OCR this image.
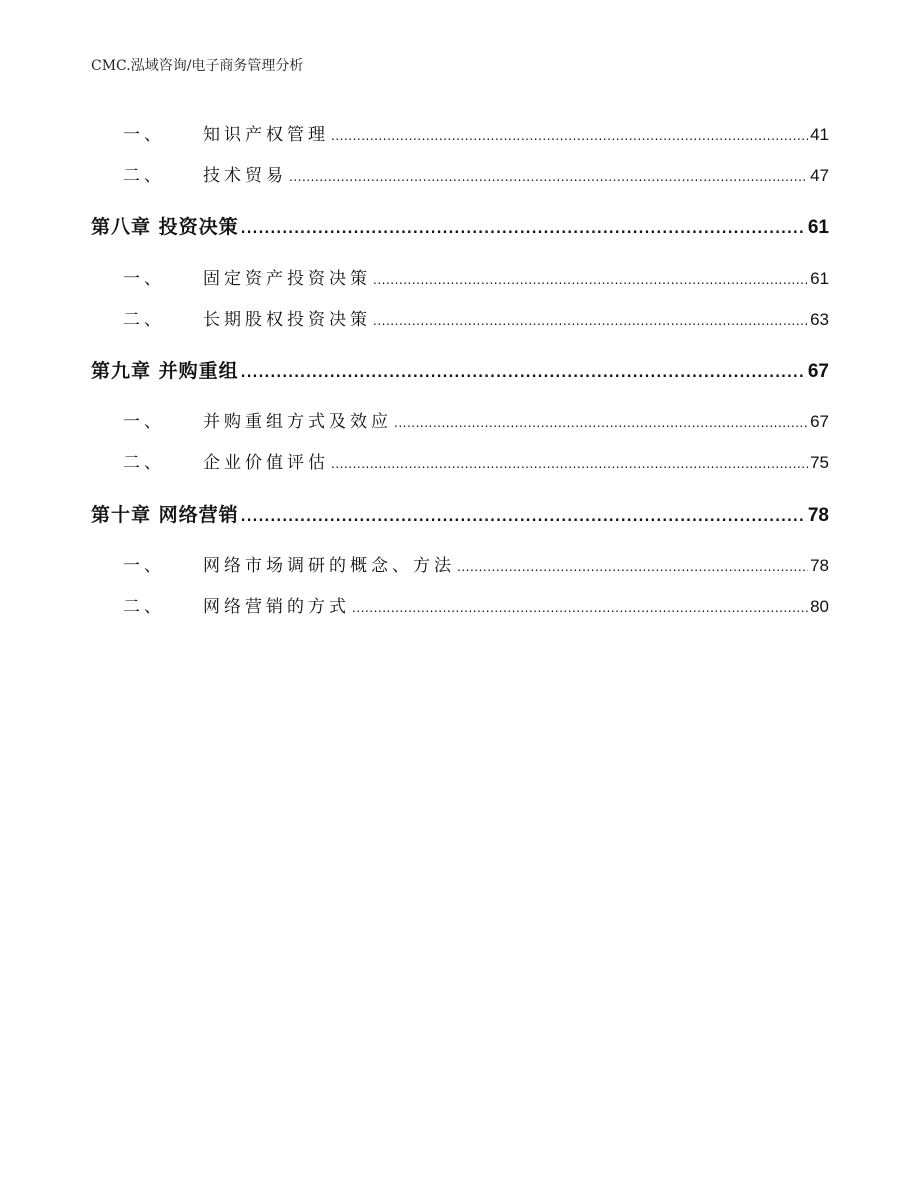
CMC.泓域咨询/电子商务管理分析
一、 知识产权管理 .....	41
二、 技术贸易 .....	47
第八章 投资决策 .....	61
一、 固定资产投资决策 .....	61
二、 长期股权投资决策 .....	63
第九章 并购重组 .....	67
一、 并购重组方式及效应 .....	67
二、 企业价值评估 .....	75
第十章 网络营销 .....	78
一、 网络市场调研的概念、方法 .....	78
二、 网络营销的方式 .....	80
